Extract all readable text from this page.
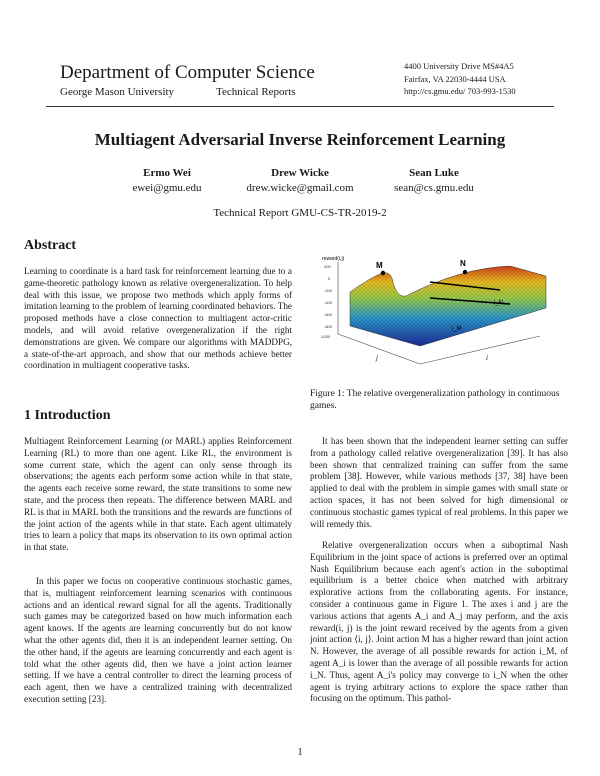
Department of Computer Science
George Mason University	Technical Reports
4400 University Drive MS#4A5
Fairfax, VA 22030-4444 USA
http://cs.gmu.edu/ 703-993-1530
Multiagent Adversarial Inverse Reinforcement Learning
Ermo Wei
ewei@gmu.edu
Drew Wicke
drew.wicke@gmail.com
Sean Luke
sean@cs.gmu.edu
Technical Report GMU-CS-TR-2019-2
Abstract
Learning to coordinate is a hard task for reinforcement learning due to a game-theoretic pathology known as relative overgeneralization. To help deal with this issue, we propose two methods which apply forms of imitation learning to the problem of learning coordinated behaviors. The proposed methods have a close connection to multiagent actor-critic models, and will avoid relative overgeneralization if the right demonstrations are given. We compare our algorithms with MADDPG, a state-of-the-art approach, and show that our methods achieve better coordination in multiagent cooperative tasks.
reward(i,j)
200
0
-200
-400
-600
-800
-1000
M	N
i_N
i_M
j	i
Figure 1: The relative overgeneralization pathology in continuous games.
1 Introduction
Multiagent Reinforcement Learning (or MARL) applies Reinforcement Learning (RL) to more than one agent. Like RL, the environment is some current state, which the agent can only sense through its observations; the agents each perform some action while in that state, the agents each receive some reward, the state transitions to some new state, and the process then repeats. The difference between MARL and RL is that in MARL both the transitions and the rewards are functions of the joint action of the agents while in that state. Each agent ultimately tries to learn a policy that maps its observation to its own optimal action in that state.
In this paper we focus on cooperative continuous stochastic games, that is, multiagent reinforcement learning scenarios with continuous actions and an identical reward signal for all the agents. Traditionally such games may be categorized based on how much information each agent knows. If the agents are learning concurrently but do not know what the other agents did, then it is an independent learner setting. On the other hand, if the agents are learning concurrently and each agent is told what the other agents did, then we have a joint action learner setting. If we have a central controller to direct the learning process of each agent, then we have a centralized training with decentralized execution setting [23].
It has been shown that the independent learner setting can suffer from a pathology called relative overgeneralization [39]. It has also been shown that centralized training can suffer from the same problem [38]. However, while various methods [37, 38] have been applied to deal with the problem in simple games with small state or action spaces, it has not been solved for high dimensional or continuous stochastic games typical of real problems. In this paper we will remedy this.
Relative overgeneralization occurs when a suboptimal Nash Equilibrium in the joint space of actions is preferred over an optimal Nash Equilibrium because each agent's action in the suboptimal equilibrium is a better choice when matched with arbitrary explorative actions from the collaborating agents. For instance, consider a continuous game in Figure 1. The axes i and j are the various actions that agents A_i and A_j may perform, and the axis reward(i, j) is the joint reward received by the agents from a given joint action ⟨i, j⟩. Joint action M has a higher reward than joint action N. However, the average of all possible rewards for action i_M, of agent A_i is lower than the average of all possible rewards for action i_N. Thus, agent A_i's policy may converge to i_N when the other agent is trying arbitrary actions to explore the space rather than focusing on the optimum. This pathol-
1
